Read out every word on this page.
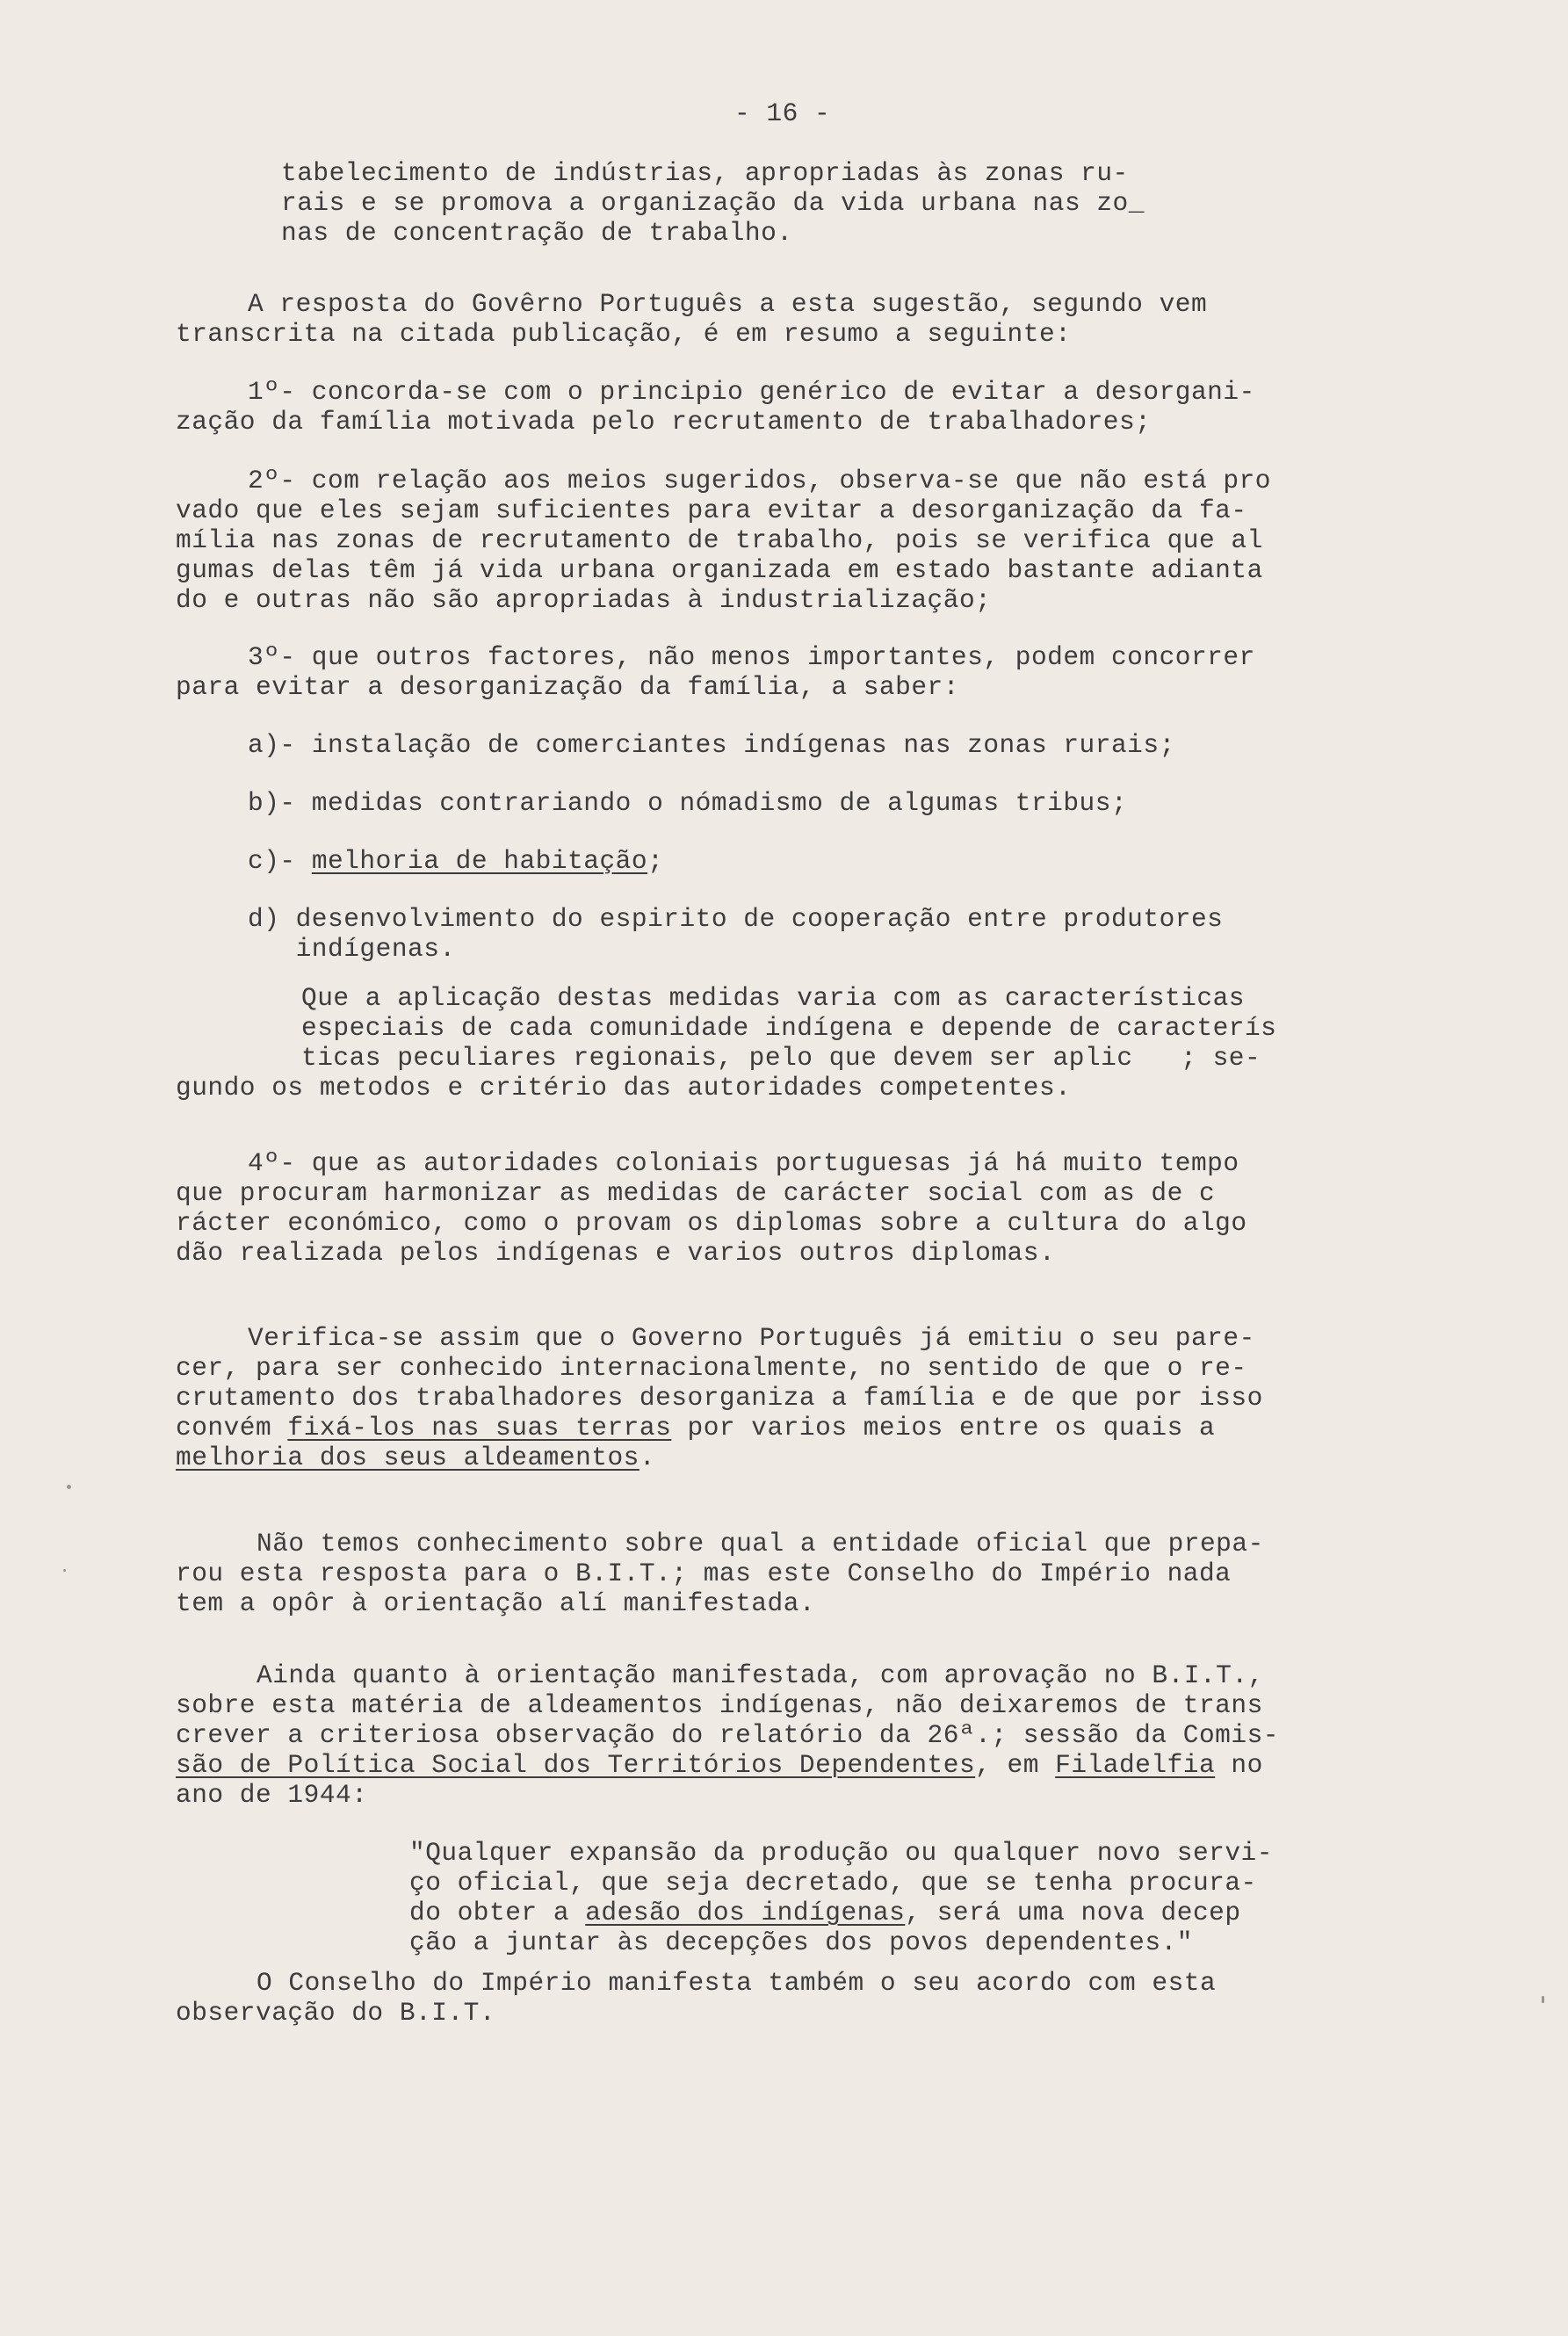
- 16 -
tabelecimento de indústrias, apropriadas às zonas ru-
rais e se promova a organização da vida urbana nas zo_
nas de concentração de trabalho.
A resposta do Govêrno Português a esta sugestão, segundo vem
transcrita na citada publicação, é em resumo a seguinte:
1º- concorda-se com o principio genérico de evitar a desorgani-
zação da família motivada pelo recrutamento de trabalhadores;
2º- com relação aos meios sugeridos, observa-se que não está pro
vado que eles sejam suficientes para evitar a desorganização da fa-
mília nas zonas de recrutamento de trabalho, pois se verifica que al
gumas delas têm já vida urbana organizada em estado bastante adianta
do e outras não são apropriadas à industrialização;
3º- que outros factores, não menos importantes, podem concorrer
para evitar a desorganização da família, a saber:
a)- instalação de comerciantes indígenas nas zonas rurais;
b)- medidas contrariando o nómadismo de algumas tribus;
c)- melhoria de habitação;
d) desenvolvimento do espirito de cooperação entre produtores
indígenas.
Que a aplicação destas medidas varia com as características
especiais de cada comunidade indígena e depende de caracterís
ticas peculiares regionais, pelo que devem ser aplic   ; se-
gundo os metodos e critério das autoridades competentes.
4º- que as autoridades coloniais portuguesas já há muito tempo
que procuram harmonizar as medidas de carácter social com as de c
rácter económico, como o provam os diplomas sobre a cultura do algo
dão realizada pelos indígenas e varios outros diplomas.
Verifica-se assim que o Governo Português já emitiu o seu pare-
cer, para ser conhecido internacionalmente, no sentido de que o re-
crutamento dos trabalhadores desorganiza a família e de que por isso
convém fixá-los nas suas terras por varios meios entre os quais a
melhoria dos seus aldeamentos.
Não temos conhecimento sobre qual a entidade oficial que prepa-
rou esta resposta para o B.I.T.; mas este Conselho do Império nada
tem a opôr à orientação alí manifestada.
Ainda quanto à orientação manifestada, com aprovação no B.I.T.,
sobre esta matéria de aldeamentos indígenas, não deixaremos de trans
crever a criteriosa observação do relatório da 26ª.; sessão da Comis-
são de Política Social dos Territórios Dependentes, em Filadelfia no
ano de 1944:
"Qualquer expansão da produção ou qualquer novo servi-
ço oficial, que seja decretado, que se tenha procura-
do obter a adesão dos indígenas, será uma nova decep
ção a juntar às decepções dos povos dependentes."
O Conselho do Império manifesta também o seu acordo com esta
observação do B.I.T.
